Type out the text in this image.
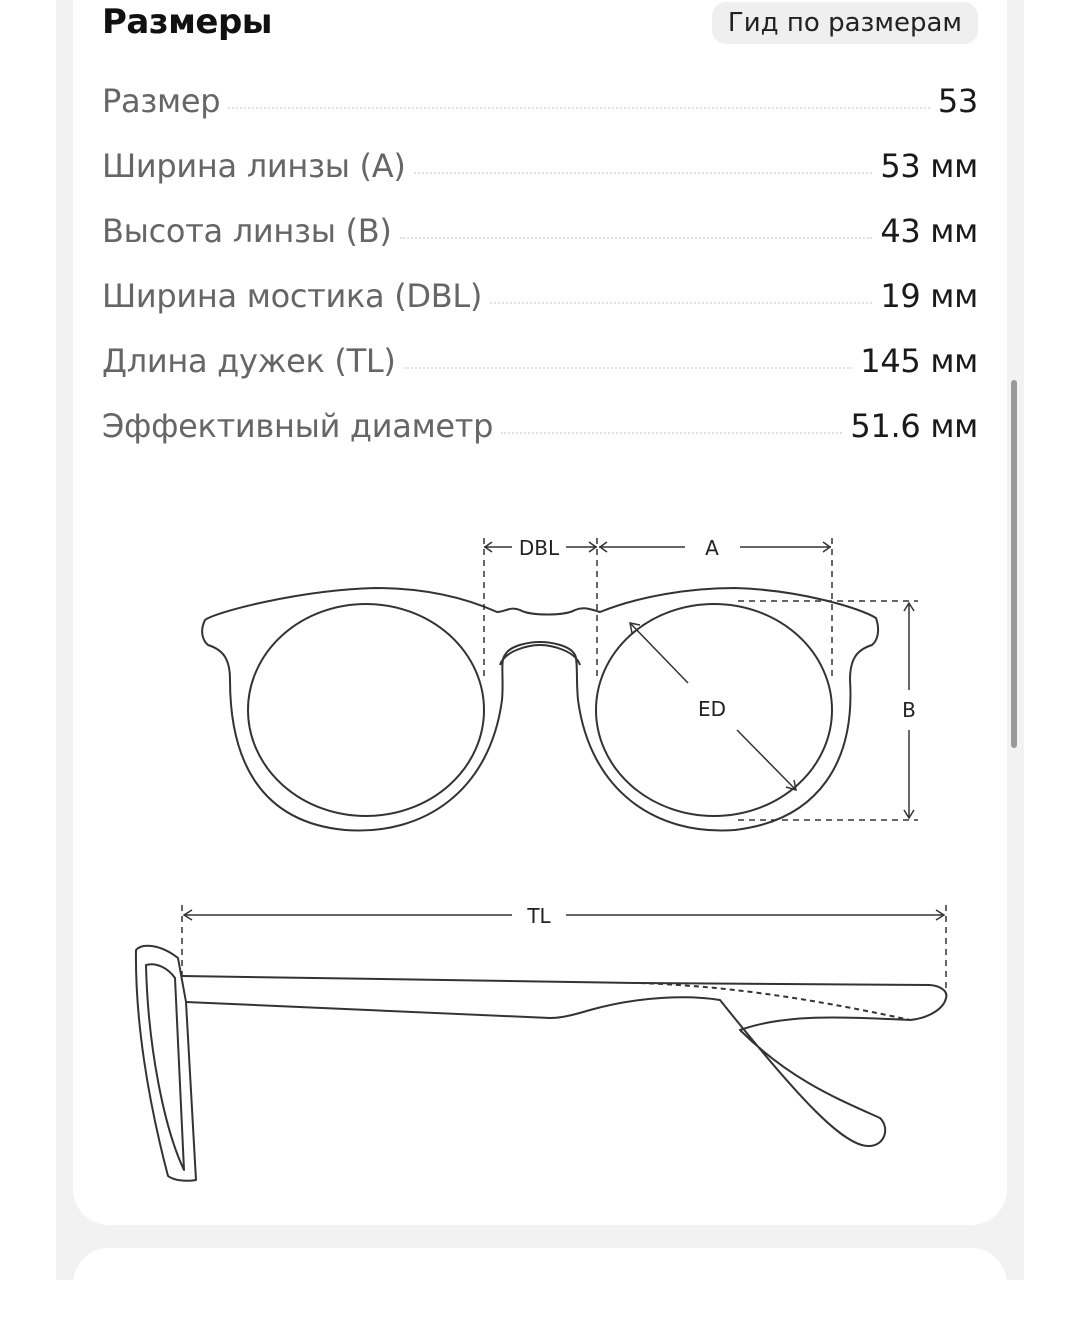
Размеры	Гид по размерам
Размер	53
Ширина линзы (А)	53 мм
Высота линзы (В)	43 мм
Ширина мостика (DBL)	19 мм
Длина дужек (TL)	145 мм
Эффективный диаметр	51.6 мм
DBL	A
ED	B
TL
